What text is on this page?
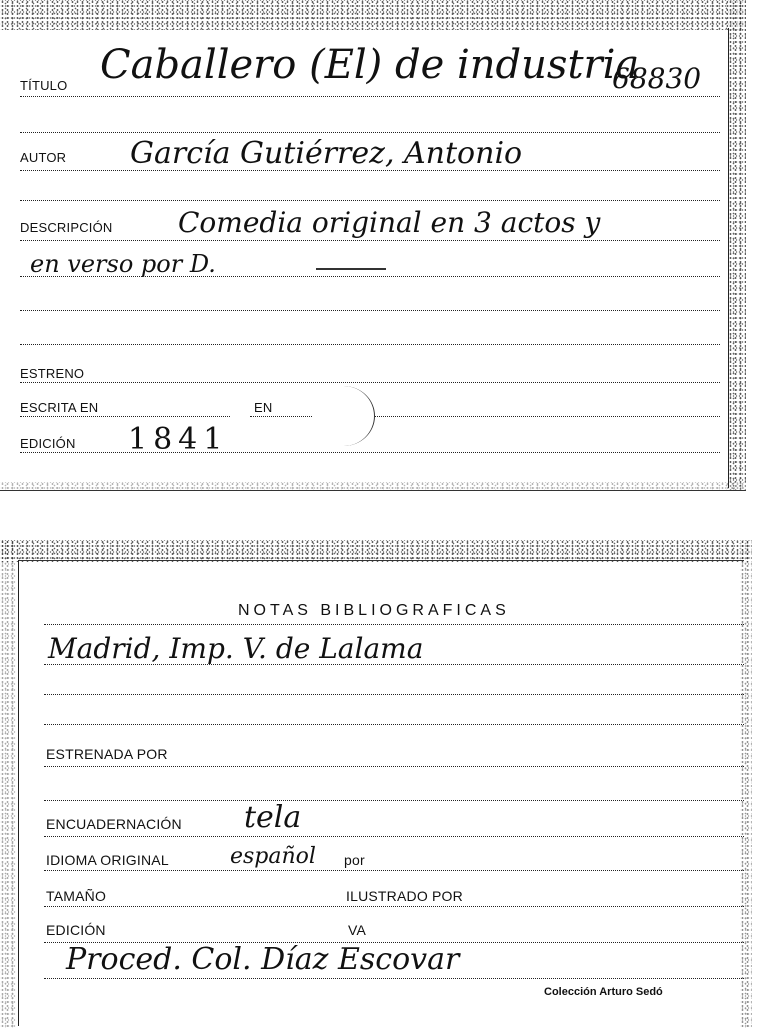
TÍTULO Caballero (El) de industria
68830
AUTOR García Gutiérrez, Antonio
DESCRIPCIÓN Comedia original en 3 actos y
en verso por D.
ESTRENO
ESCRITA EN	EN
EDICIÓN 1841
NOTAS BIBLIOGRAFICAS
Madrid, Imp. V. de Lalama
ESTRENADA POR
ENCUADERNACIÓN tela
IDIOMA ORIGINAL	español por
TAMAÑO	ILUSTRADO POR
EDICIÓN	VA
Proced. Col. Díaz Escovar
Colección Arturo Sedó
